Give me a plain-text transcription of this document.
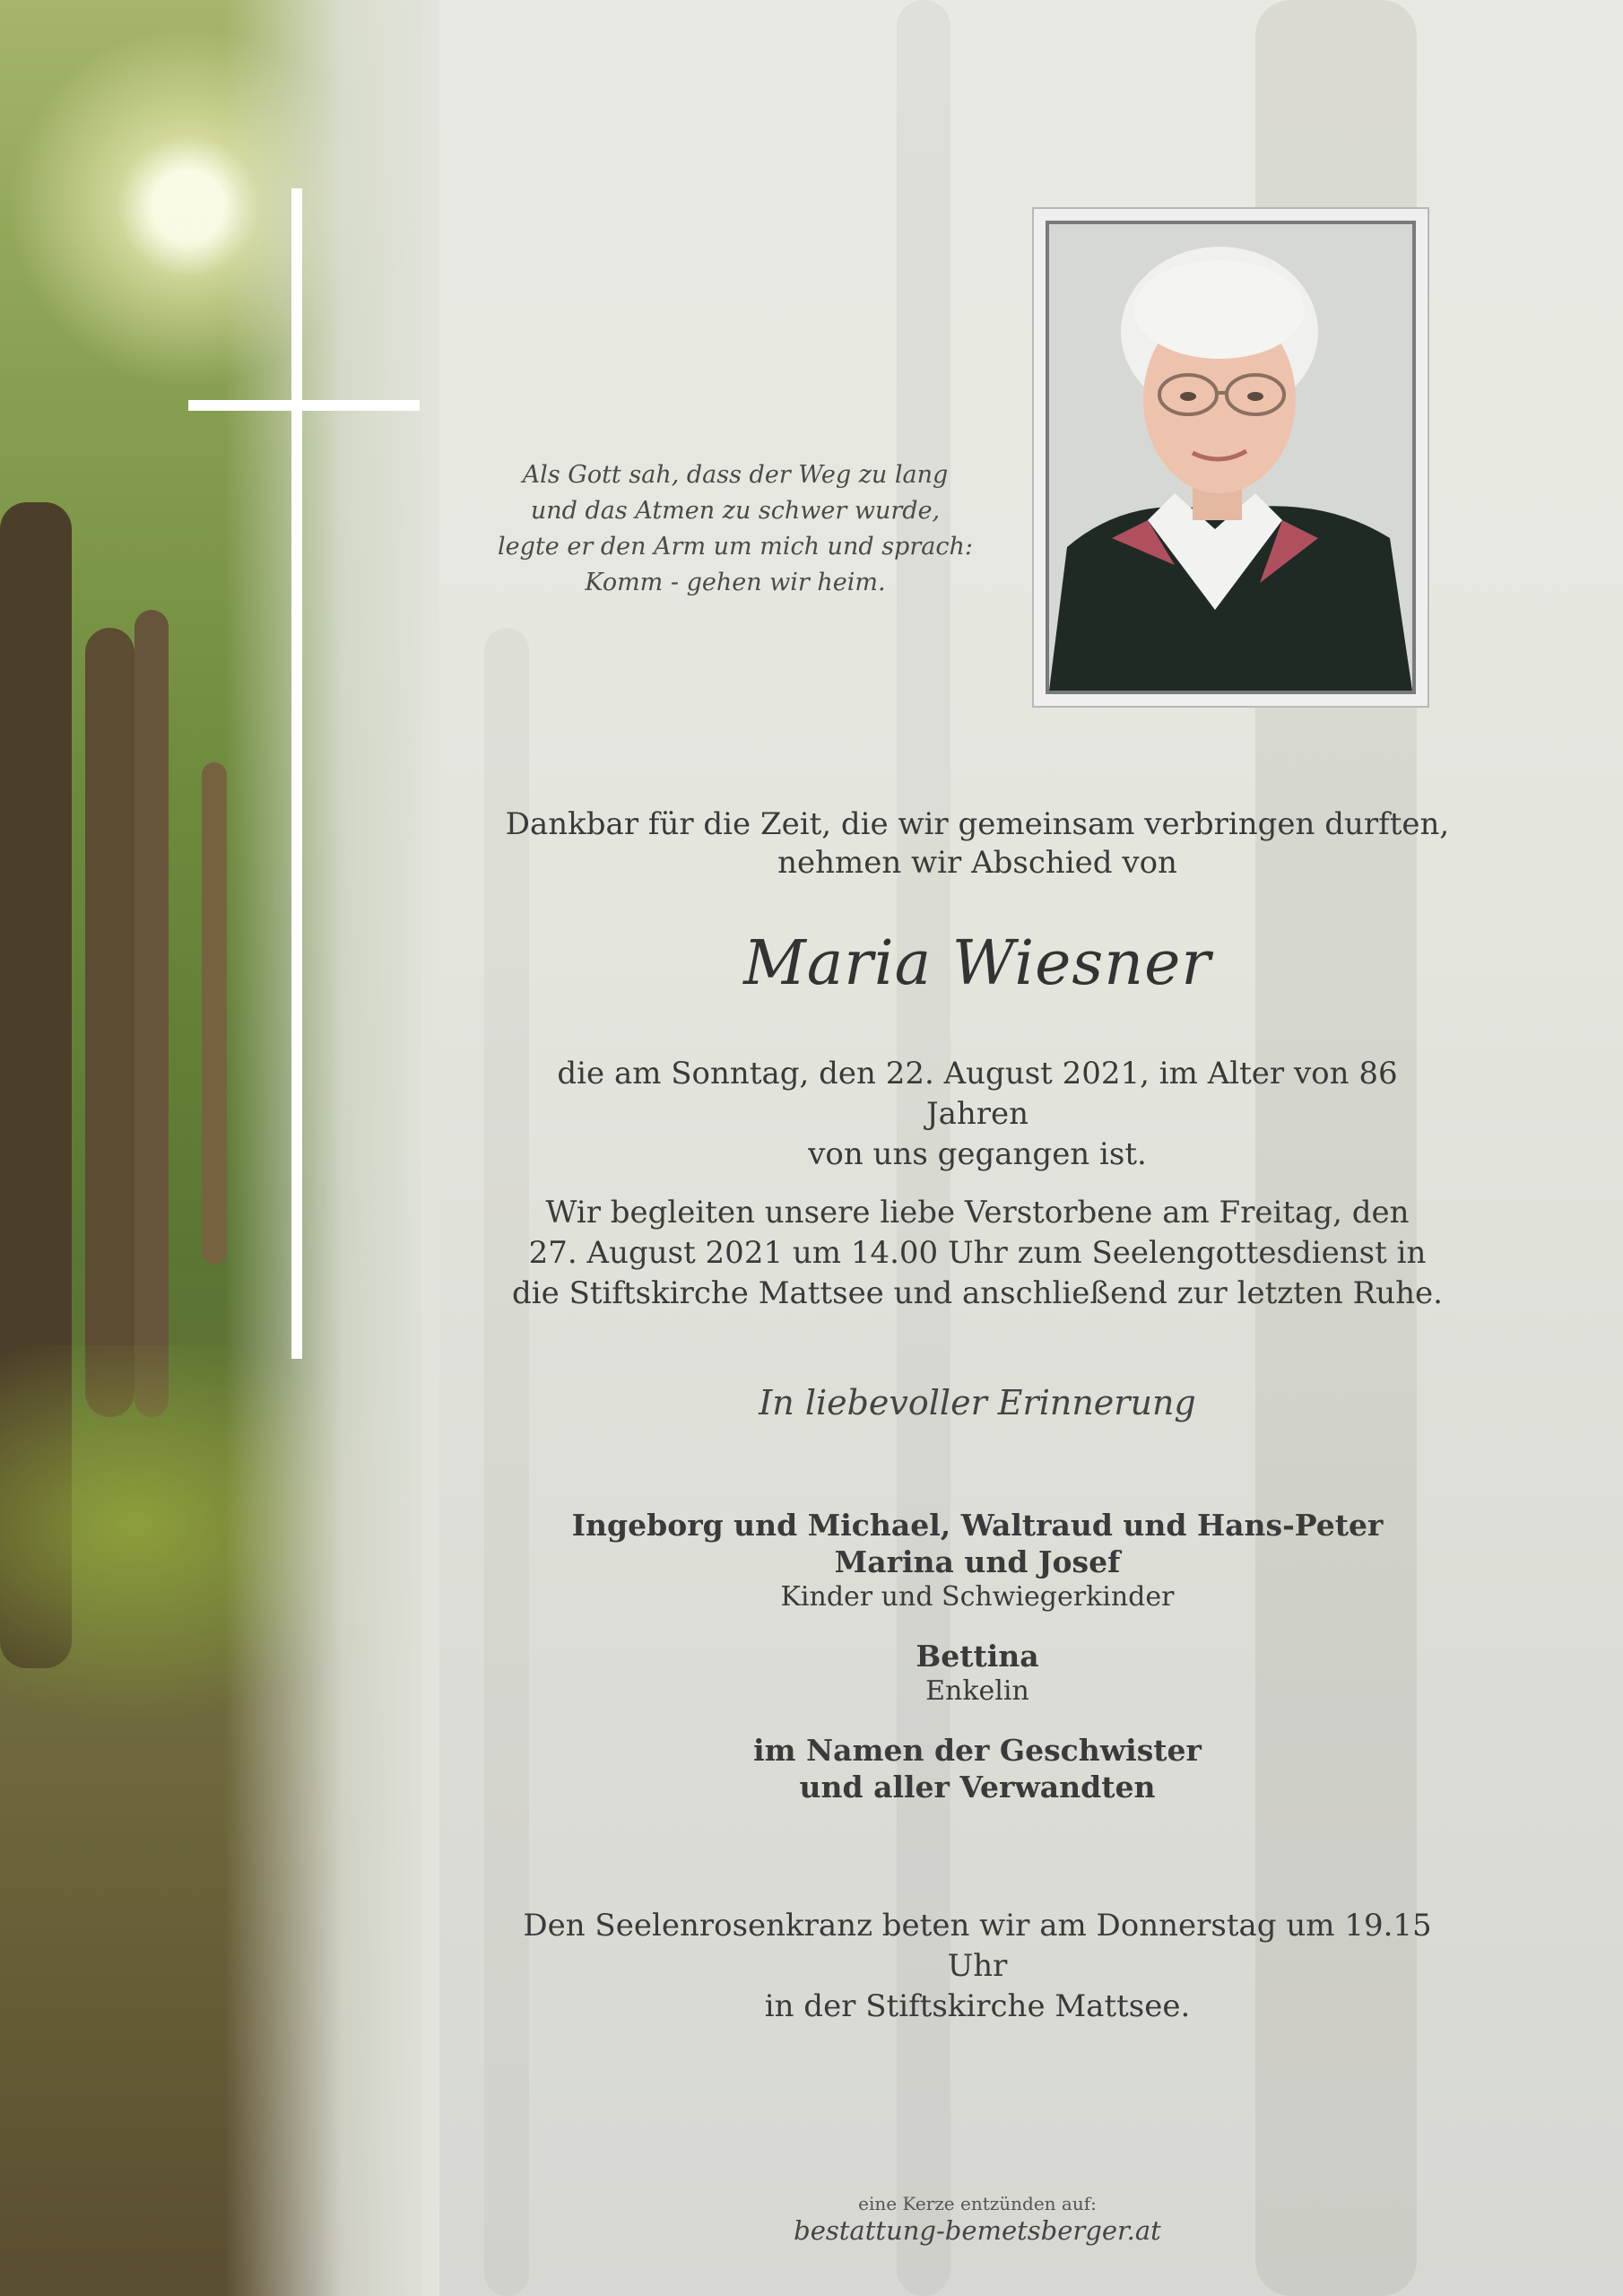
Als Gott sah, dass der Weg zu lang
und das Atmen zu schwer wurde,
legte er den Arm um mich und sprach:
Komm - gehen wir heim.
Dankbar für die Zeit, die wir gemeinsam verbringen durften,
nehmen wir Abschied von
Maria Wiesner
die am Sonntag, den 22. August 2021, im Alter von 86 Jahren
von uns gegangen ist.
Wir begleiten unsere liebe Verstorbene am Freitag, den
27. August 2021 um 14.00 Uhr zum Seelengottesdienst in
die Stiftskirche Mattsee und anschließend zur letzten Ruhe.
In liebevoller Erinnerung
Ingeborg und Michael, Waltraud und Hans-Peter
Marina und Josef
Kinder und Schwiegerkinder
Bettina
Enkelin
im Namen der Geschwister
und aller Verwandten
Den Seelenrosenkranz beten wir am Donnerstag um 19.15 Uhr
in der Stiftskirche Mattsee.
eine Kerze entzünden auf:
bestattung-bemetsberger.at
